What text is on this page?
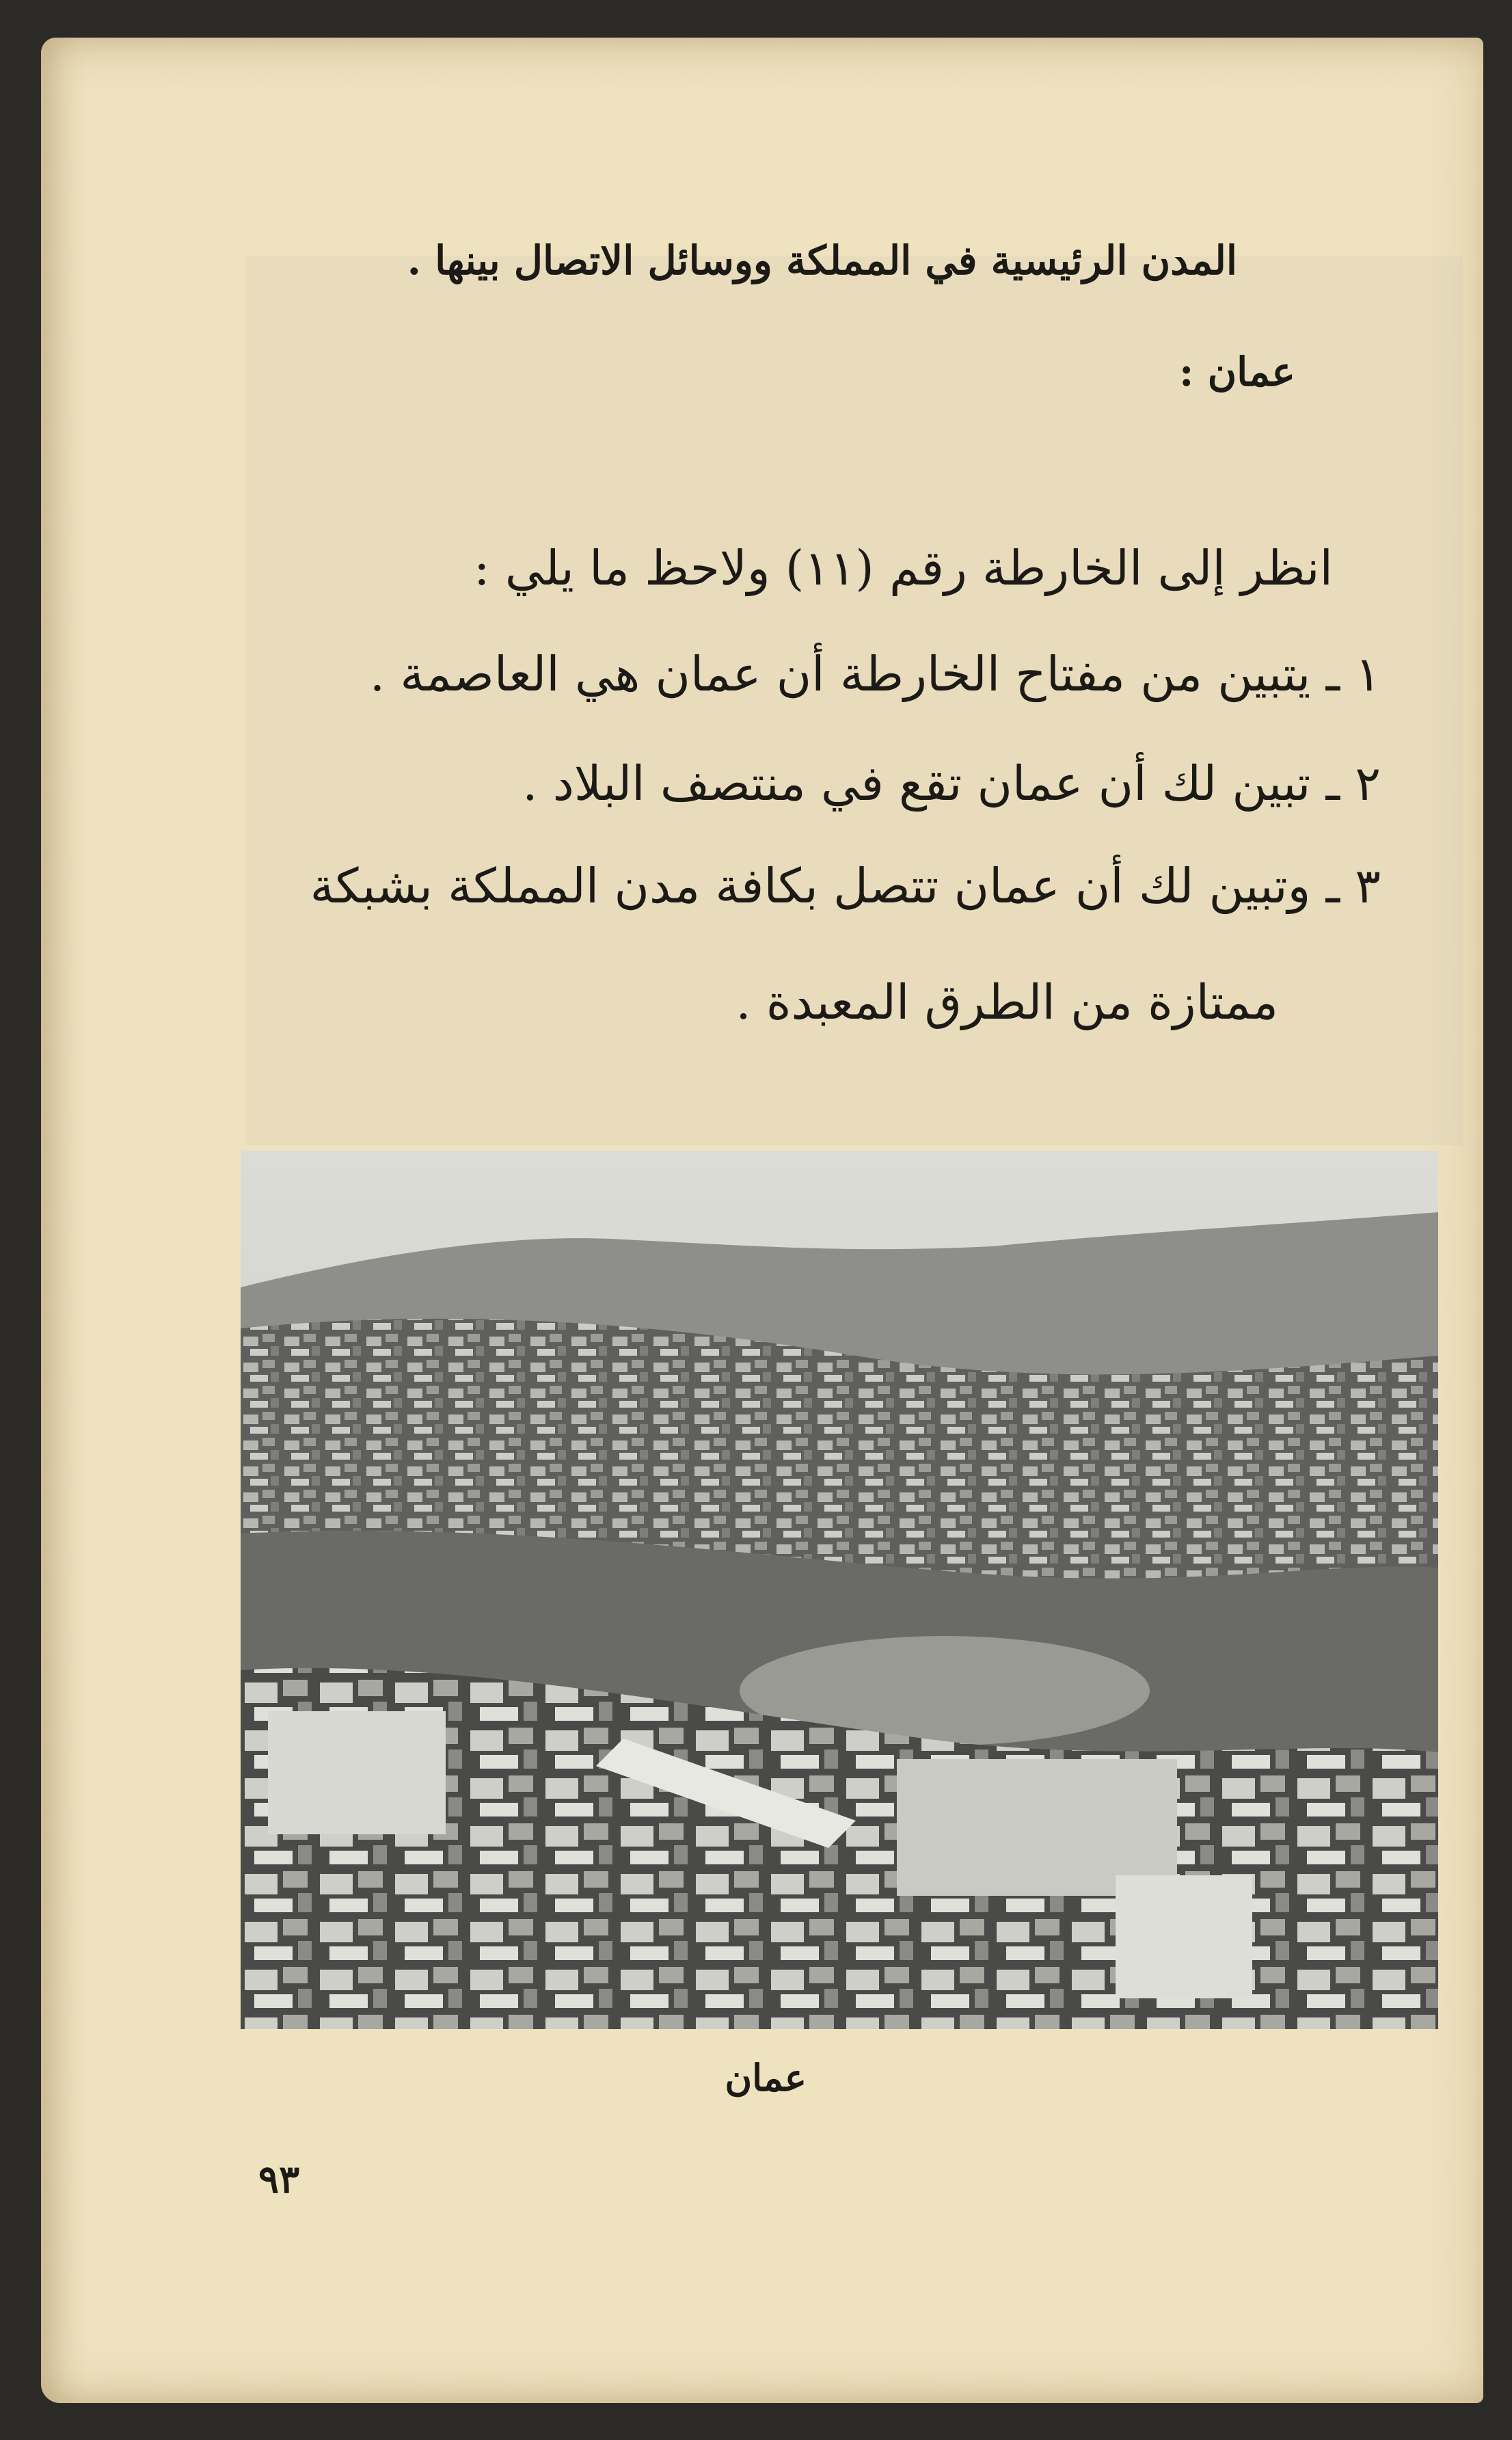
المدن الرئيسية في المملكة ووسائل الاتصال بينها .
عمان :
انظر إلى الخارطة رقم (١١) ولاحظ ما يلي :
١ ـ يتبين من مفتاح الخارطة أن عمان هي العاصمة .
٢ ـ تبين لك أن عمان تقع في منتصف البلاد .
٣ ـ وتبين لك أن عمان تتصل بكافة مدن المملكة بشبكة
ممتازة من الطرق المعبدة .
عمان
٩٣
